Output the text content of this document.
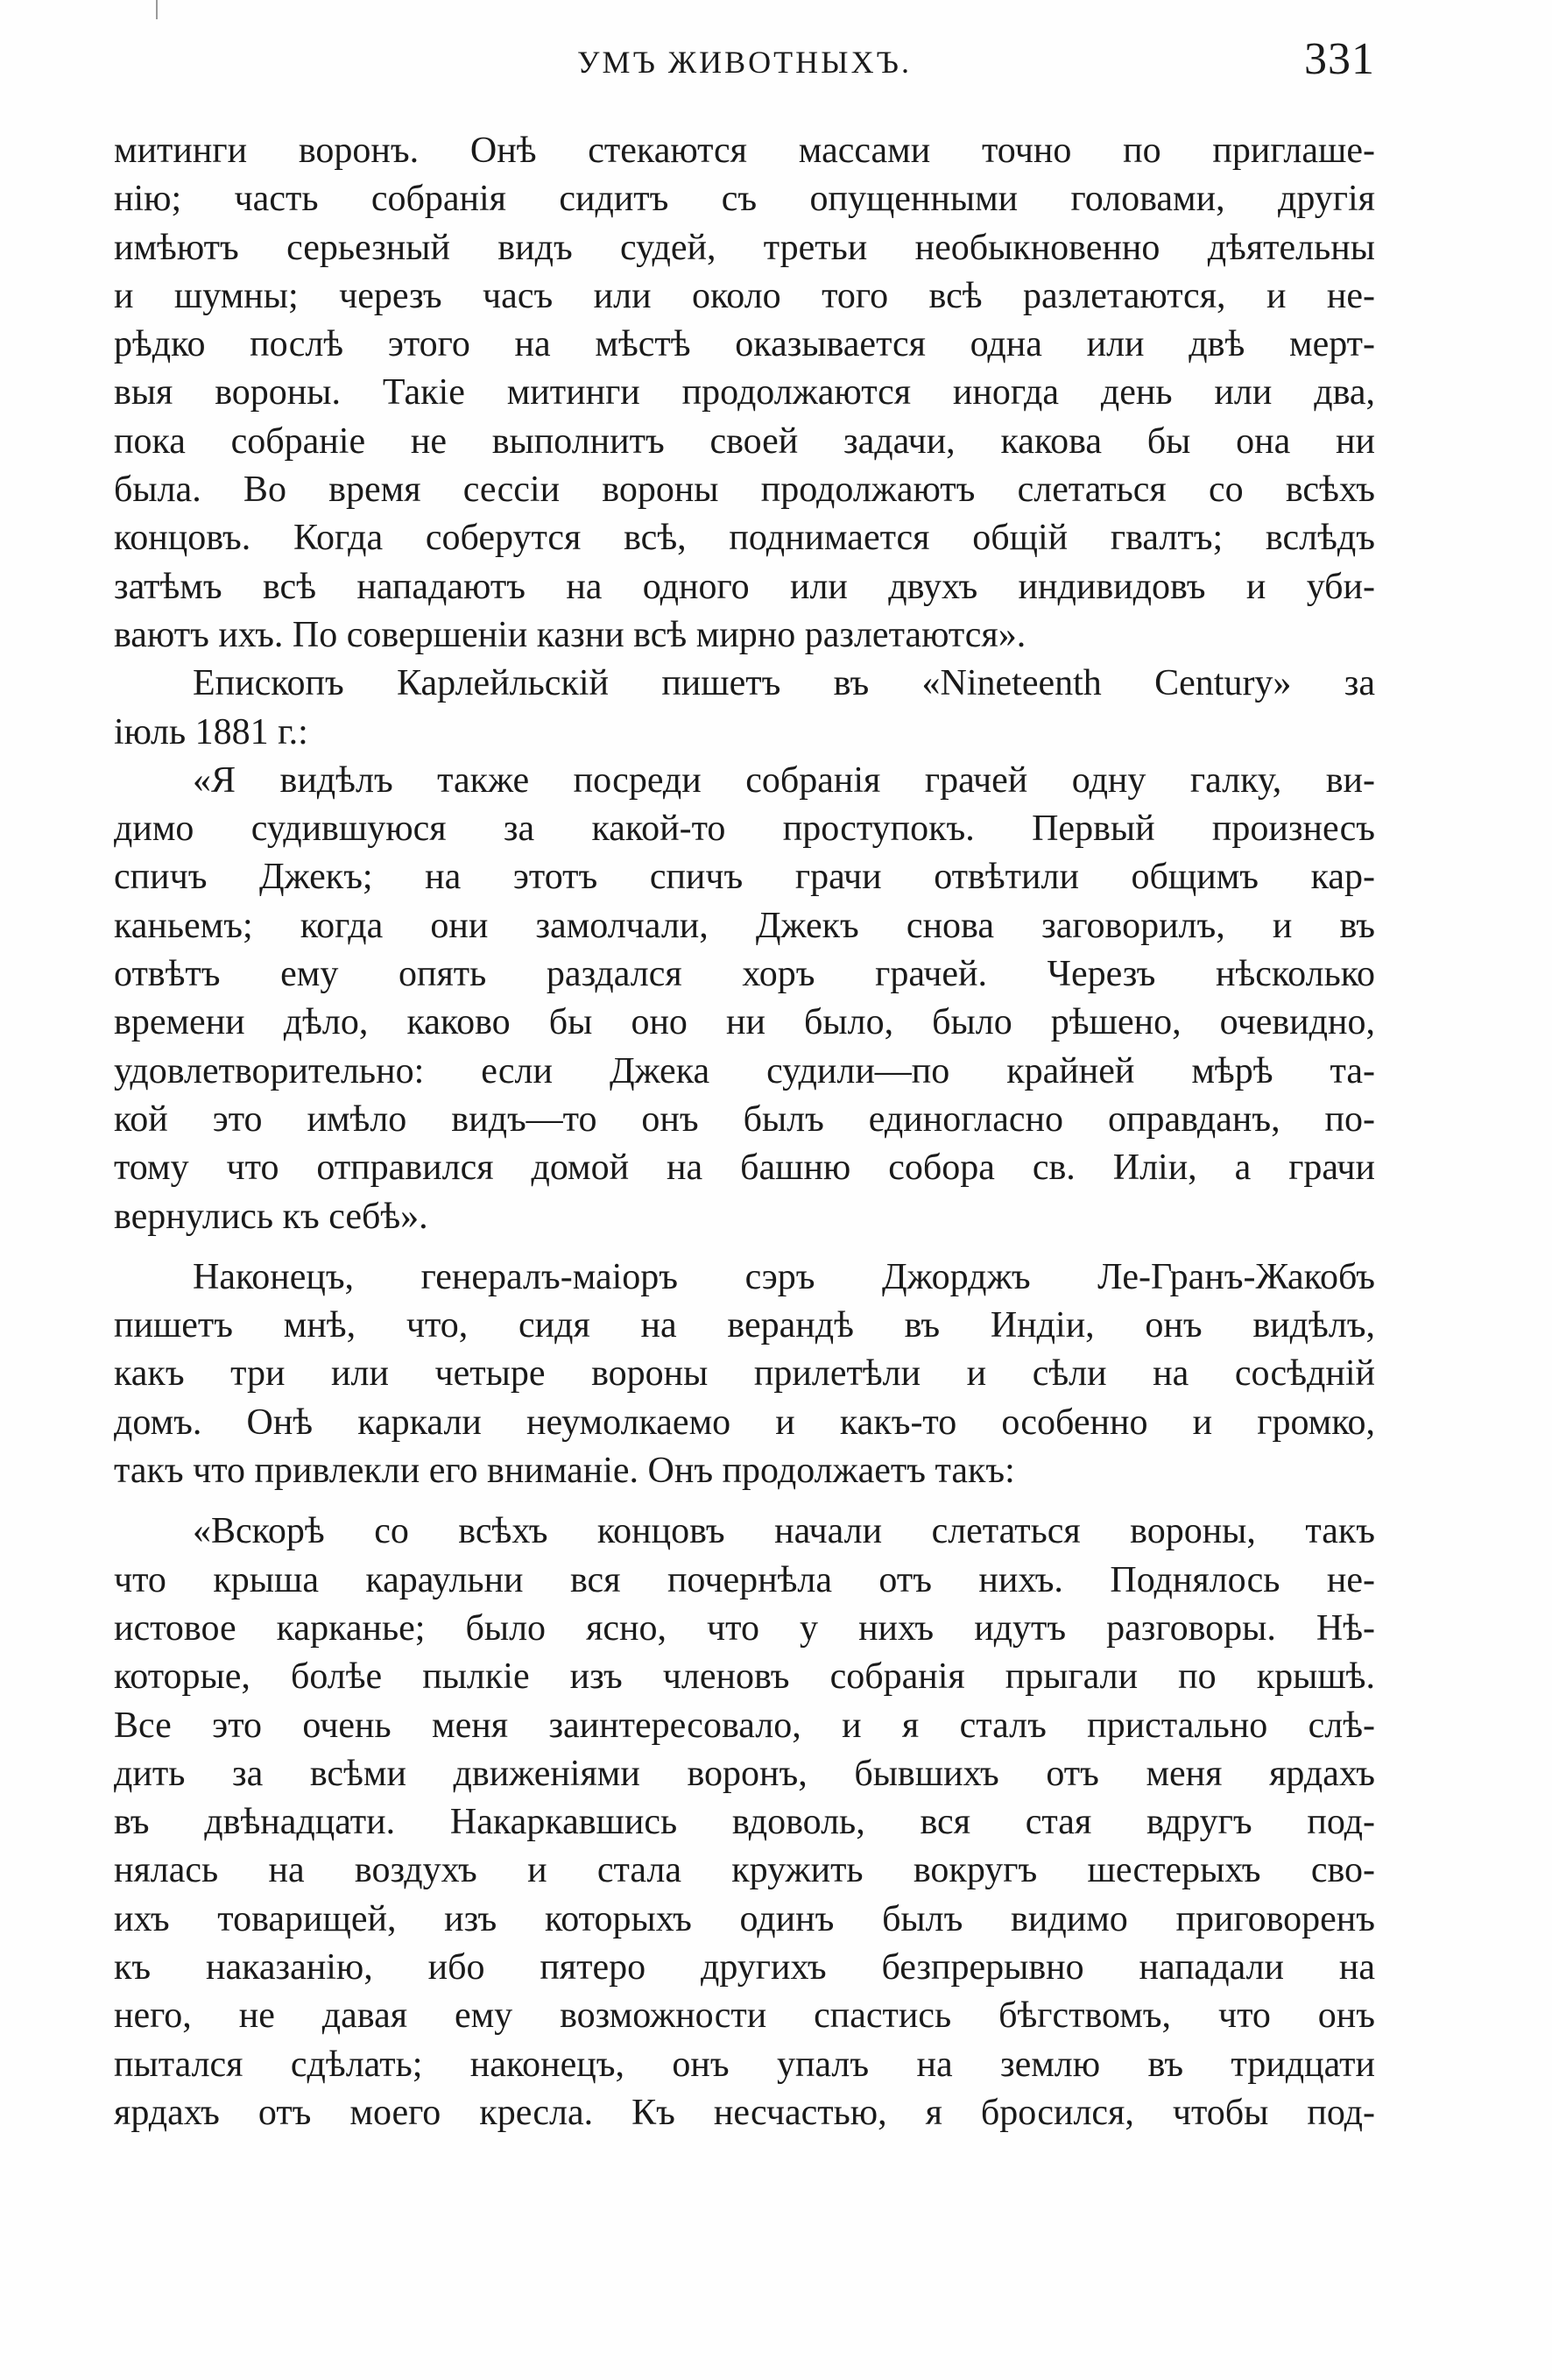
УМЪ ЖИВОТНЫХЪ.	331
митинги воронъ. Онѣ стекаются массами точно по приглаше-
нію; часть собранія сидитъ съ опущенными головами, другія
имѣютъ серьезный видъ судей, третьи необыкновенно дѣятельны
и шумны; черезъ часъ или около того всѣ разлетаются, и не-
рѣдко послѣ этого на мѣстѣ оказывается одна или двѣ мерт-
выя вороны. Такіе митинги продолжаются иногда день или два,
пока собраніе не выполнитъ своей задачи, какова бы она ни
была. Во время сессіи вороны продолжаютъ слетаться со всѣхъ
концовъ. Когда соберутся всѣ, поднимается общій гвалтъ; вслѣдъ
затѣмъ всѣ нападаютъ на одного или двухъ индивидовъ и уби-
ваютъ ихъ. По совершеніи казни всѣ мирно разлетаются».
Епископъ Карлейльскій пишетъ въ «Nineteenth Century» за
іюль 1881 г.:
«Я видѣлъ также посреди собранія грачей одну галку, ви-
димо судившуюся за какой-то проступокъ. Первый произнесъ
спичъ Джекъ; на этотъ спичъ грачи отвѣтили общимъ кар-
каньемъ; когда они замолчали, Джекъ снова заговорилъ, и въ
отвѣтъ ему опять раздался хоръ грачей. Черезъ нѣсколько
времени дѣло, каково бы оно ни было, было рѣшено, очевидно,
удовлетворительно: если Джека судили—по крайней мѣрѣ та-
кой это имѣло видъ—то онъ былъ единогласно оправданъ, по-
тому что отправился домой на башню собора св. Иліи, а грачи
вернулись къ себѣ».
Наконецъ, генералъ-маіоръ сэръ Джорджъ Ле-Гранъ-Жакобъ
пишетъ мнѣ, что, сидя на верандѣ въ Индіи, онъ видѣлъ,
какъ три или четыре вороны прилетѣли и сѣли на сосѣдній
домъ. Онѣ каркали неумолкаемо и какъ-то особенно и громко,
такъ что привлекли его вниманіе. Онъ продолжаетъ такъ:
«Вскорѣ со всѣхъ концовъ начали слетаться вороны, такъ
что крыша караульни вся почернѣла отъ нихъ. Поднялось не-
истовое карканье; было ясно, что у нихъ идутъ разговоры. Нѣ-
которые, болѣе пылкіе изъ членовъ собранія прыгали по крышѣ.
Все это очень меня заинтересовало, и я сталъ пристально слѣ-
дить за всѣми движеніями воронъ, бывшихъ отъ меня ярдахъ
въ двѣнадцати. Накаркавшись вдоволь, вся стая вдругъ под-
нялась на воздухъ и стала кружить вокругъ шестерыхъ сво-
ихъ товарищей, изъ которыхъ одинъ былъ видимо приговоренъ
къ наказанію, ибо пятеро другихъ безпрерывно нападали на
него, не давая ему возможности спастись бѣгствомъ, что онъ
пытался сдѣлать; наконецъ, онъ упалъ на землю въ тридцати
ярдахъ отъ моего кресла. Къ несчастью, я бросился, чтобы под-
